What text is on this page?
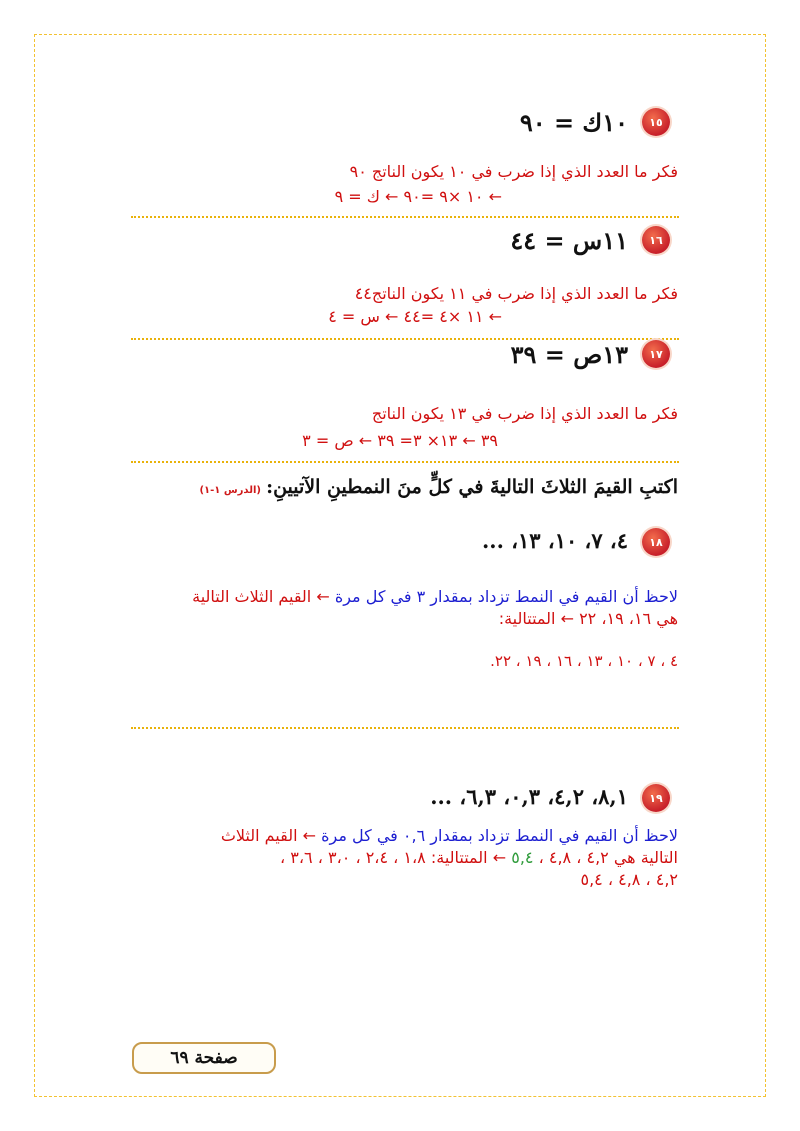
١٥
١٠ك = ٩٠
فكر ما العدد الذي إذا ضرب في ١٠ يكون الناتج ٩٠
← ١٠ ×٩ =٩٠ ← ك = ٩
١٦
١١س = ٤٤
فكر ما العدد الذي إذا ضرب في ١١ يكون الناتج٤٤
← ١١ ×٤ =٤٤ ← س = ٤
١٧
١٣ص = ٣٩
فكر ما العدد الذي إذا ضرب في ١٣ يكون الناتج
٣٩ ← ١٣× ٣= ٣٩ ← ص = ٣
اكتبِ القيمَ الثلاثَ التاليةَ في كلٍّ منَ النمطينِ الآتيينِ: (الدرس ١-١)
١٨
٤، ٧، ١٠، ١٣، ...
لاحظ أن القيم في النمط تزداد بمقدار ٣ في كل مرة ← القيم الثلاث التالية
هي ١٦، ١٩، ٢٢ ← المتتالية:
٤ ، ٧ ، ١٠ ، ١٣ ، ١٦ ، ١٩ ، ٢٢.
١٩
٨,١، ٤,٢، ٠,٣، ٦,٣، ...
لاحظ أن القيم في النمط تزداد بمقدار ٠,٦ في كل مرة ← القيم الثلاث
التالية هي ٤,٢ ، ٤,٨ ، ٥,٤ ← المتتالية: ١،٨ ، ٢،٤ ، ٣،٠ ، ٣،٦ ،
٤,٢ ، ٤,٨ ، ٥,٤
صفحة ٦٩
